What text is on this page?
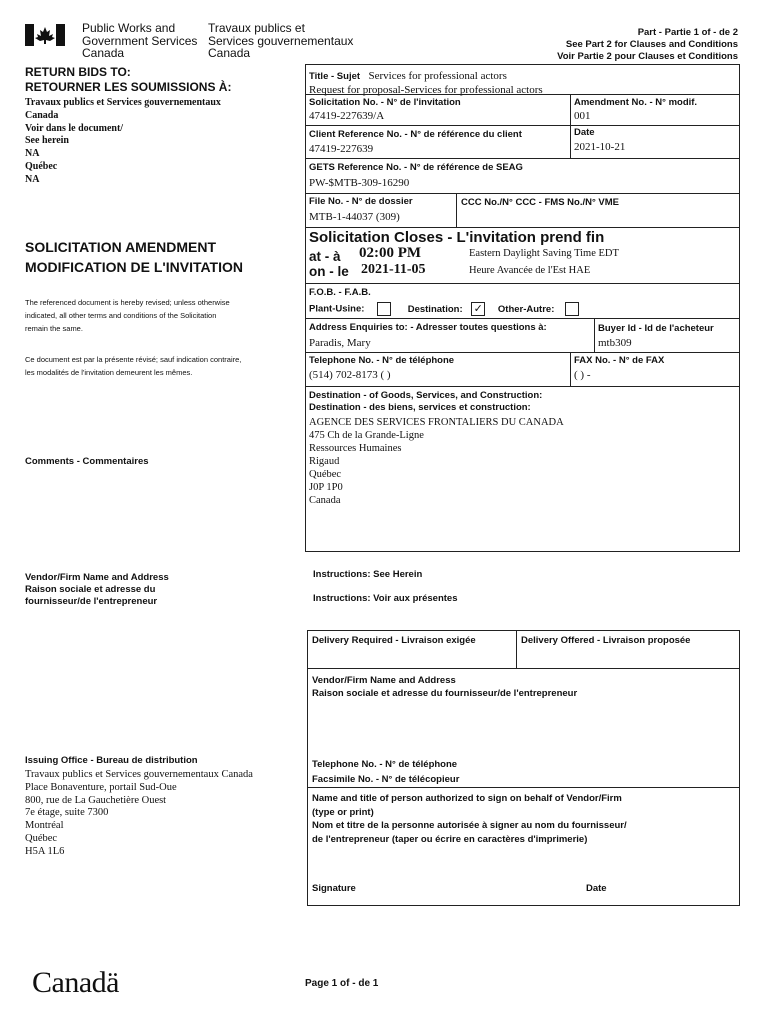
Public Works and
Government Services
Canada
Travaux publics et
Services gouvernementaux
Canada
Part - Partie 1 of - de 2
See Part 2 for Clauses and Conditions
Voir Partie 2 pour Clauses et Conditions
RETURN BIDS TO:
RETOURNER LES SOUMISSIONS À:
Travaux publics et Services gouvernementaux
Canada
Voir dans le document/
See herein
NA
Québec
NA
SOLICITATION AMENDMENT
MODIFICATION DE L'INVITATION
The referenced document is hereby revised; unless otherwise
indicated, all other terms and conditions of the Solicitation
remain the same.
Ce document est par la présente révisé; sauf indication contraire,
les modalités de l'invitation demeurent les mêmes.
Comments - Commentaires
Vendor/Firm Name and Address
Raison sociale et adresse du
fournisseur/de l'entrepreneur
Issuing Office - Bureau de distribution
Travaux publics et Services gouvernementaux Canada
Place Bonaventure, portail Sud-Oue
800, rue de La Gauchetière Ouest
7e étage, suite 7300
Montréal
Québec
H5A 1L6
Title - Sujet Services for professional actors
Request for proposal-Services for professional actors
Solicitation No. - N° de l'invitation
47419-227639/A
Amendment No. - N° modif.
001
Client Reference No. - N° de référence du client
47419-227639
Date
2021-10-21
GETS Reference No. - N° de référence de SEAG
PW-$MTB-309-16290
File No. - N° de dossier
MTB-1-44037 (309)
CCC No./N° CCC - FMS No./N° VME
Solicitation Closes - L'invitation prend fin
at - à 02:00 PM	Eastern Daylight Saving Time EDT
on - le 2021-11-05	Heure Avancée de l'Est HAE
F.O.B. - F.A.B.
Plant-Usine:	Destination: ✓ Other-Autre:
Address Enquiries to: - Adresser toutes questions à:
Paradis, Mary
Buyer Id - Id de l'acheteur
mtb309
Telephone No. - N° de téléphone
(514) 702-8173 ( )
FAX No. - N° de FAX
( ) -
Destination - of Goods, Services, and Construction:
Destination - des biens, services et construction:
AGENCE DES SERVICES FRONTALIERS DU CANADA
475 Ch de la Grande-Ligne
Ressources Humaines
Rigaud
Québec
J0P 1P0
Canada
Instructions: See Herein
Instructions: Voir aux présentes
Delivery Required - Livraison exigée	Delivery Offered - Livraison proposée
Vendor/Firm Name and Address
Raison sociale et adresse du fournisseur/de l'entrepreneur
Telephone No. - N° de téléphone
Facsimile No. - N° de télécopieur
Name and title of person authorized to sign on behalf of Vendor/Firm
(type or print)
Nom et titre de la personne autorisée à signer au nom du fournisseur/
de l'entrepreneur (taper ou écrire en caractères d'imprimerie)
Signature	Date
Canadä	Page 1 of - de 1
